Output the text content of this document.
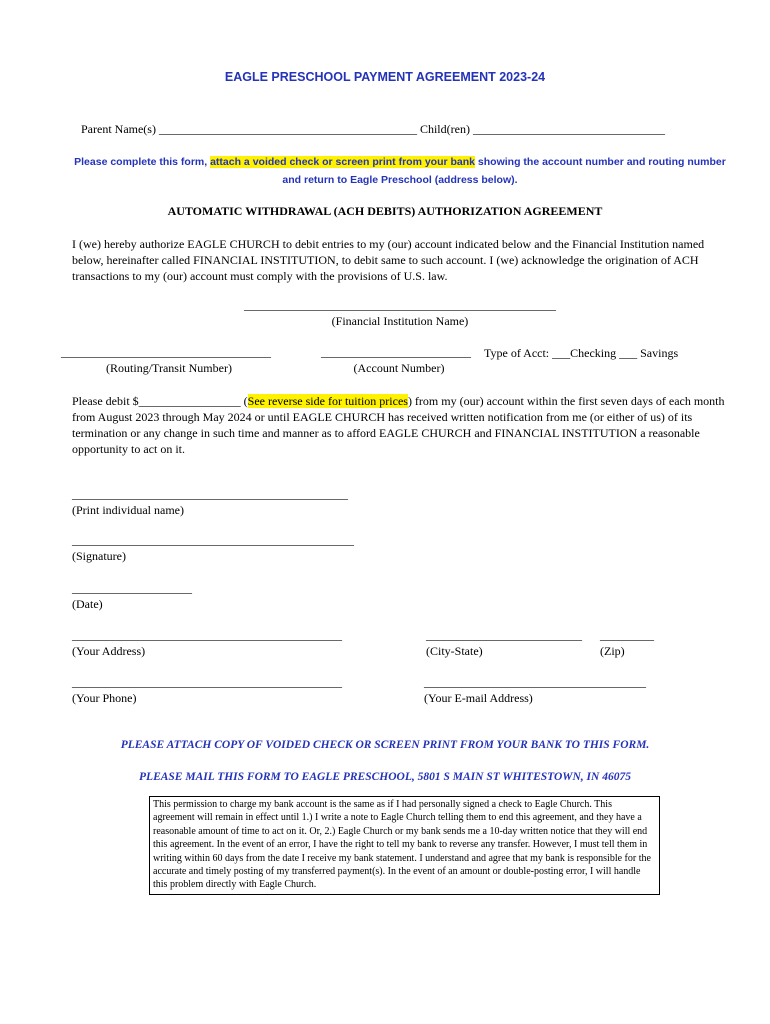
EAGLE PRESCHOOL PAYMENT AGREEMENT 2023-24
Parent Name(s) ___________________________________________ Child(ren) ________________________________
Please complete this form, attach a voided check or screen print from your bank showing the account number and routing number and return to Eagle Preschool (address below).
AUTOMATIC WITHDRAWAL (ACH DEBITS) AUTHORIZATION AGREEMENT
I (we) hereby authorize EAGLE CHURCH to debit entries to my (our) account indicated below and the Financial Institution named below, hereinafter called FINANCIAL INSTITUTION, to debit same to such account. I (we) acknowledge the origination of ACH transactions to my (our) account must comply with the provisions of U.S. law.
____________________________________________________
(Financial Institution Name)
___________________________________
(Routing/Transit Number)
_________________________
(Account Number)
Type of Acct: ___Checking ___ Savings
Please debit $_________________ (See reverse side for tuition prices) from my (our) account within the first seven days of each month from August 2023 through May 2024 or until EAGLE CHURCH has received written notification from me (or either of us) of its termination or any change in such time and manner as to afford EAGLE CHURCH and FINANCIAL INSTITUTION a reasonable opportunity to act on it.
______________________________________________
(Print individual name)
_______________________________________________
(Signature)
____________________
(Date)
_____________________________________________
(Your Address)
__________________________
(City-State)
_________
(Zip)
_____________________________________________
(Your Phone)
_____________________________________
(Your E-mail Address)
PLEASE ATTACH COPY OF VOIDED CHECK OR SCREEN PRINT FROM YOUR BANK TO THIS FORM.
PLEASE MAIL THIS FORM TO EAGLE PRESCHOOL, 5801 S MAIN ST WHITESTOWN, IN 46075
This permission to charge my bank account is the same as if I had personally signed a check to Eagle Church. This agreement will remain in effect until 1.) I write a note to Eagle Church telling them to end this agreement, and they have a reasonable amount of time to act on it. Or, 2.) Eagle Church or my bank sends me a 10-day written notice that they will end this agreement. In the event of an error, I have the right to tell my bank to reverse any transfer. However, I must tell them in writing within 60 days from the date I receive my bank statement. I understand and agree that my bank is responsible for the accurate and timely posting of my transferred payment(s). In the event of an amount or double-posting error, I will handle this problem directly with Eagle Church.
